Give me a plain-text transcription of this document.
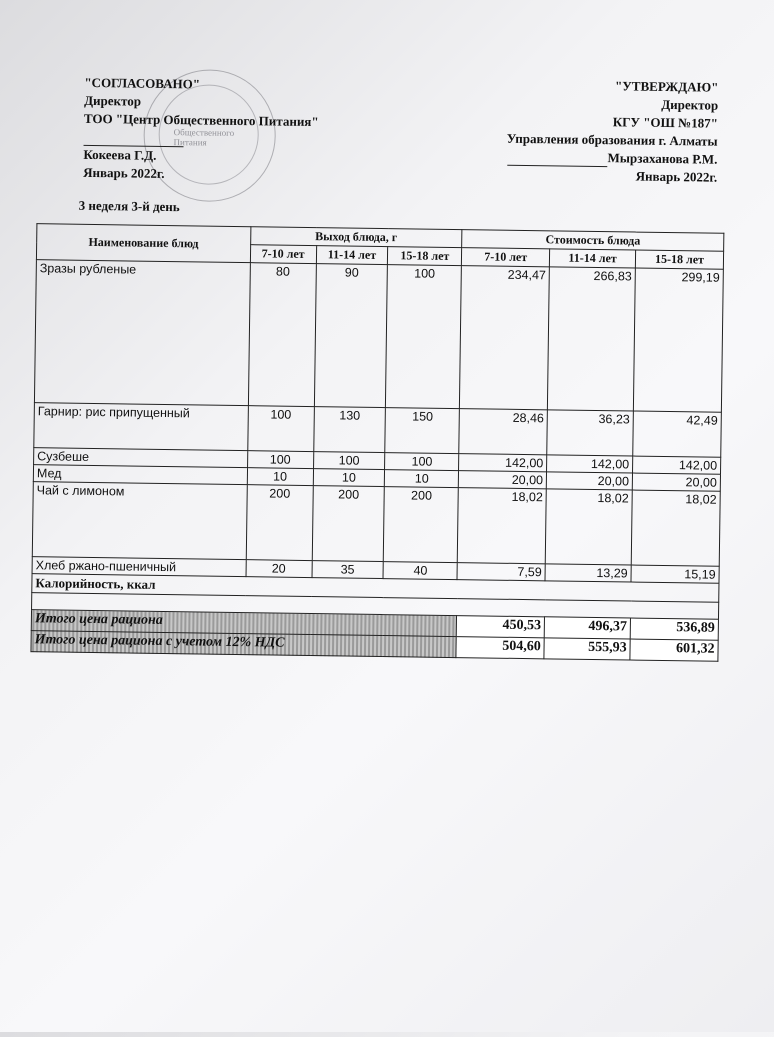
Общественного Питания
"СОГЛАСОВАНО"
Директор
ТОО "Центр Общественного Питания"
Кокеева Г.Д.
Январь 2022г.
"УТВЕРЖДАЮ"
Директор
КГУ "ОШ №187"
Управления образования г. Алматы
Мырзаханова Р.М.
Январь 2022г.
3 неделя 3-й день
Наименование блюд	Выход блюда, г			Стоимость блюда		
	7-10 лет	11-14 лет	15-18 лет	7-10 лет	11-14 лет	15-18 лет
Зразы рубленые	80	90	100	234,47	266,83	299,19
Гарнир: рис припущенный	100	130	150	28,46	36,23	42,49
Сузбеше	100	100	100	142,00	142,00	142,00
Мед	10	10	10	20,00	20,00	20,00
Чай с лимоном	200	200	200	18,02	18,02	18,02
Хлеб ржано-пшеничный	20	35	40	7,59	13,29	15,19
Калорийность, ккал						

Итого цена рациона				450,53	496,37	536,89
Итого цена рациона с учетом 12% НДС				504,60	555,93	601,32
